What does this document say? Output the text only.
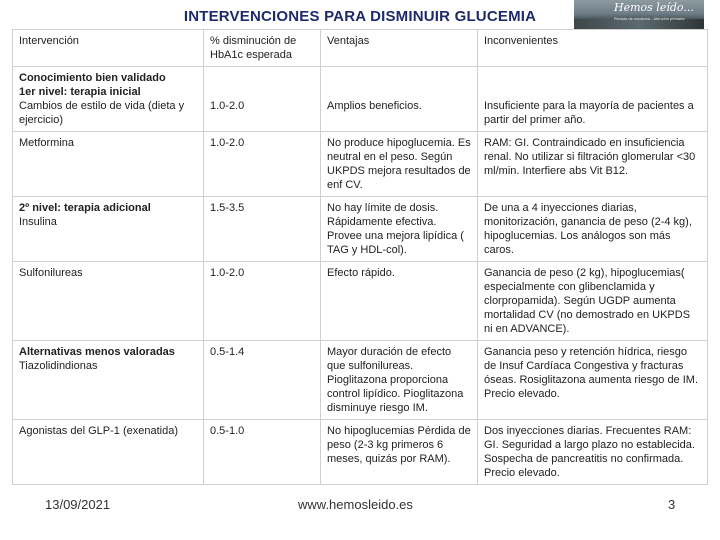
INTERVENCIONES PARA DISMINUIR GLUCEMIA
Hemos leído...
Revista de medicina - Atención primaria
Intervención	% disminución de HbA1c esperada	Ventajas	Inconvenientes

Conocimiento bien validado
1er nivel: terapia inicial
Cambios de estilo de vida (dieta y ejercicio)	1.0-2.0	Amplios beneficios.	Insuficiente para la mayoría de pacientes a partir del primer año.
Metformina	1.0-2.0	No produce hipoglucemia. Es neutral en el peso. Según UKPDS mejora resultados de enf CV.	RAM: GI. Contraindicado en insuficiencia renal. No utilizar si filtración glomerular <30 ml/min. Interfiere abs Vit B12.

2º nivel: terapia adicional
Insulina	1.5-3.5	No hay límite de dosis. Rápidamente efectiva. Provee una mejora lipídica ( TAG y HDL-col).	De una a 4 inyecciones diarias, monitorización, ganancia de peso (2-4 kg), hipoglucemias. Los análogos son más caros.
Sulfonilureas	1.0-2.0	Efecto rápido.	Ganancia de peso (2 kg), hipoglucemias( especialmente con glibenclamida y clorpropamida). Según UGDP aumenta mortalidad CV (no demostrado en UKPDS ni en ADVANCE).

Alternativas menos valoradas
Tiazolidindionas	0.5-1.4	Mayor duración de efecto que sulfonilureas. Pioglitazona proporciona control lipídico. Pioglitazona disminuye riesgo IM.	Ganancia peso y retención hídrica, riesgo de Insuf Cardíaca Congestiva y fracturas óseas. Rosiglitazona aumenta riesgo de IM. Precio elevado.
Agonistas del GLP-1 (exenatida)	0.5-1.0	No hipoglucemias Pérdida de peso (2-3 kg primeros 6 meses, quizás por RAM).	Dos inyecciones diarias. Frecuentes RAM: GI. Seguridad a largo plazo no establecida. Sospecha de pancreatitis no confirmada. Precio elevado.
13/09/2021	www.hemosleido.es	3
